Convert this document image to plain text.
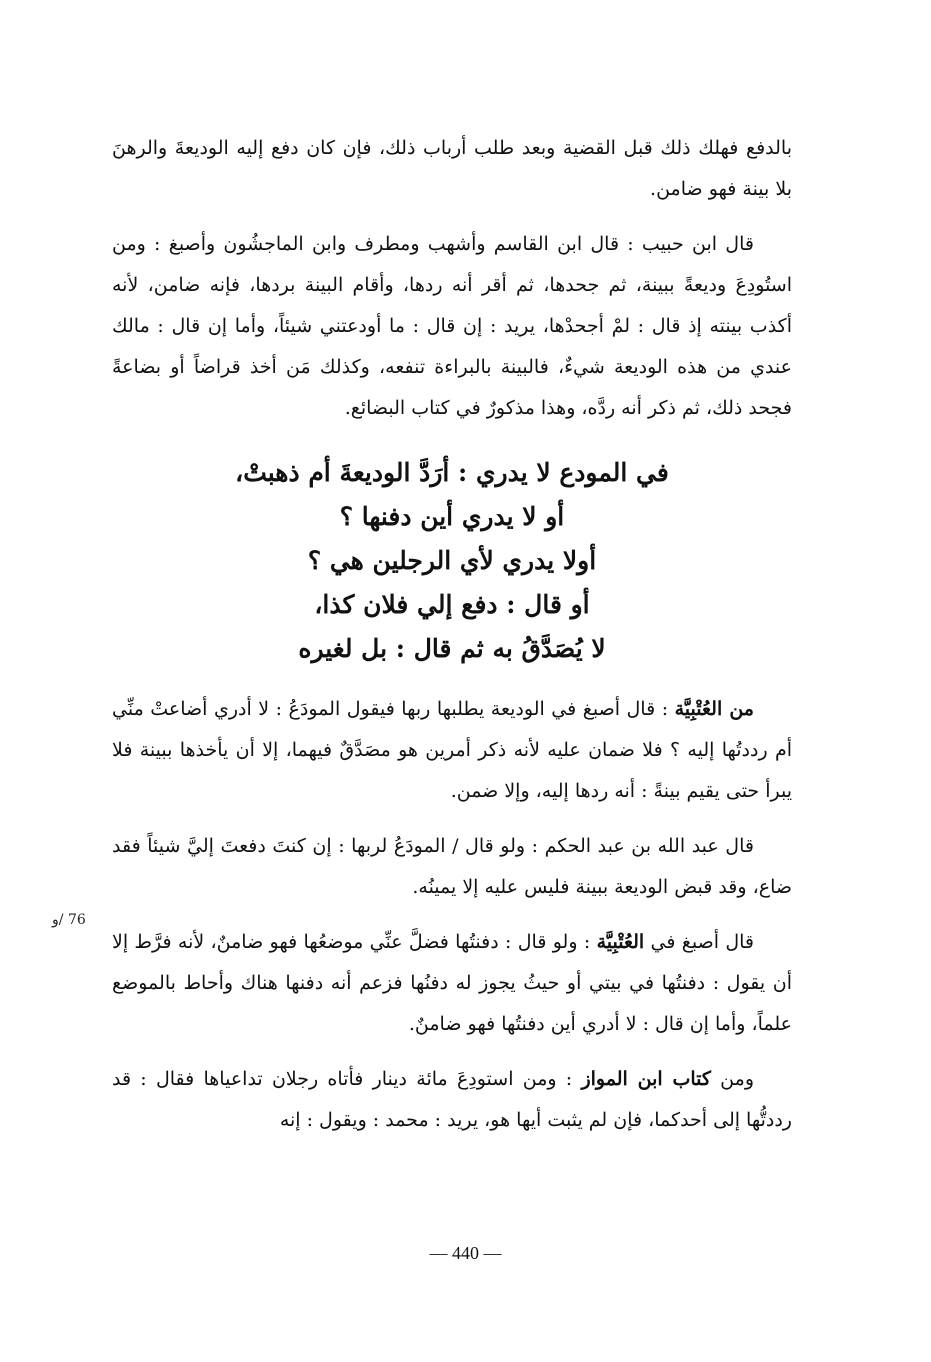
بالدفع فهلك ذلك قبل القضية وبعد طلب أرباب ذلك، فإن كان دفع إليه الوديعةَ والرهنَ بلا بينة فهو ضامن.

قال ابن حبيب : قال ابن القاسم وأشهب ومطرف وابن الماجشُون وأصبغ : ومن استُودِعَ وديعةً ببينة، ثم جحدها، ثم أقر أنه ردها، وأقام البينة بردها، فإنه ضامن، لأنه أكذب بينته إذ قال : لمْ أجحدْها، يريد : إن قال : ما أودعتني شيئاً، وأما إن قال : مالك عندي من هذه الوديعة شيءٌ، فالبينة بالبراءة تنفعه، وكذلك مَن أخذ قراضاً أو بضاعةً فجحد ذلك، ثم ذكر أنه ردَّه، وهذا مذكورٌ في كتاب البضائع.

في المودع لا يدري : أرَدَّ الوديعةَ أم ذهبتْ،
أو لا يدري أين دفنها ؟
أولا يدري لأي الرجلين هي ؟
أو قال : دفع إلي فلان كذا،
لا يُصَدَّقُ به ثم قال : بل لغيره

من العُتْبِيَّة : قال أصبغ في الوديعة يطلبها ربها فيقول المودَعُ : لا أدري أضاعتْ منِّي أم رددتُها إليه ؟ فلا ضمان عليه لأنه ذكر أمرين هو مصَدَّقٌ فيهما، إلا أن يأخذها ببينة فلا يبرأ حتى يقيم بينةً : أنه ردها إليه، وإلا ضمن.

قال عبد الله بن عبد الحكم : ولو قال / المودَعُ لربها : إن كنتَ دفعتَ إليَّ شيئاً فقد ضاع، وقد قبض الوديعة ببينة فليس عليه إلا يمينُه.

قال أصبغ في العُتْبِيَّة : ولو قال : دفنتُها فضلَّ عنِّي موضعُها فهو ضامنٌ، لأنه فرَّط إلا أن يقول : دفنتُها في بيتي أو حيثُ يجوز له دفنُها فزعم أنه دفنها هناك وأحاط بالموضع علماً، وأما إن قال : لا أدري أين دفنتُها فهو ضامنٌ.

ومن كتاب ابن المواز : ومن استودِعَ مائة دينار فأتاه رجلان تداعياها فقال : قد رددتُّها إلى أحدكما، فإن لم يثبت أيها هو، يريد : محمد : ويقول : إنه

76 /و
— 440 —
